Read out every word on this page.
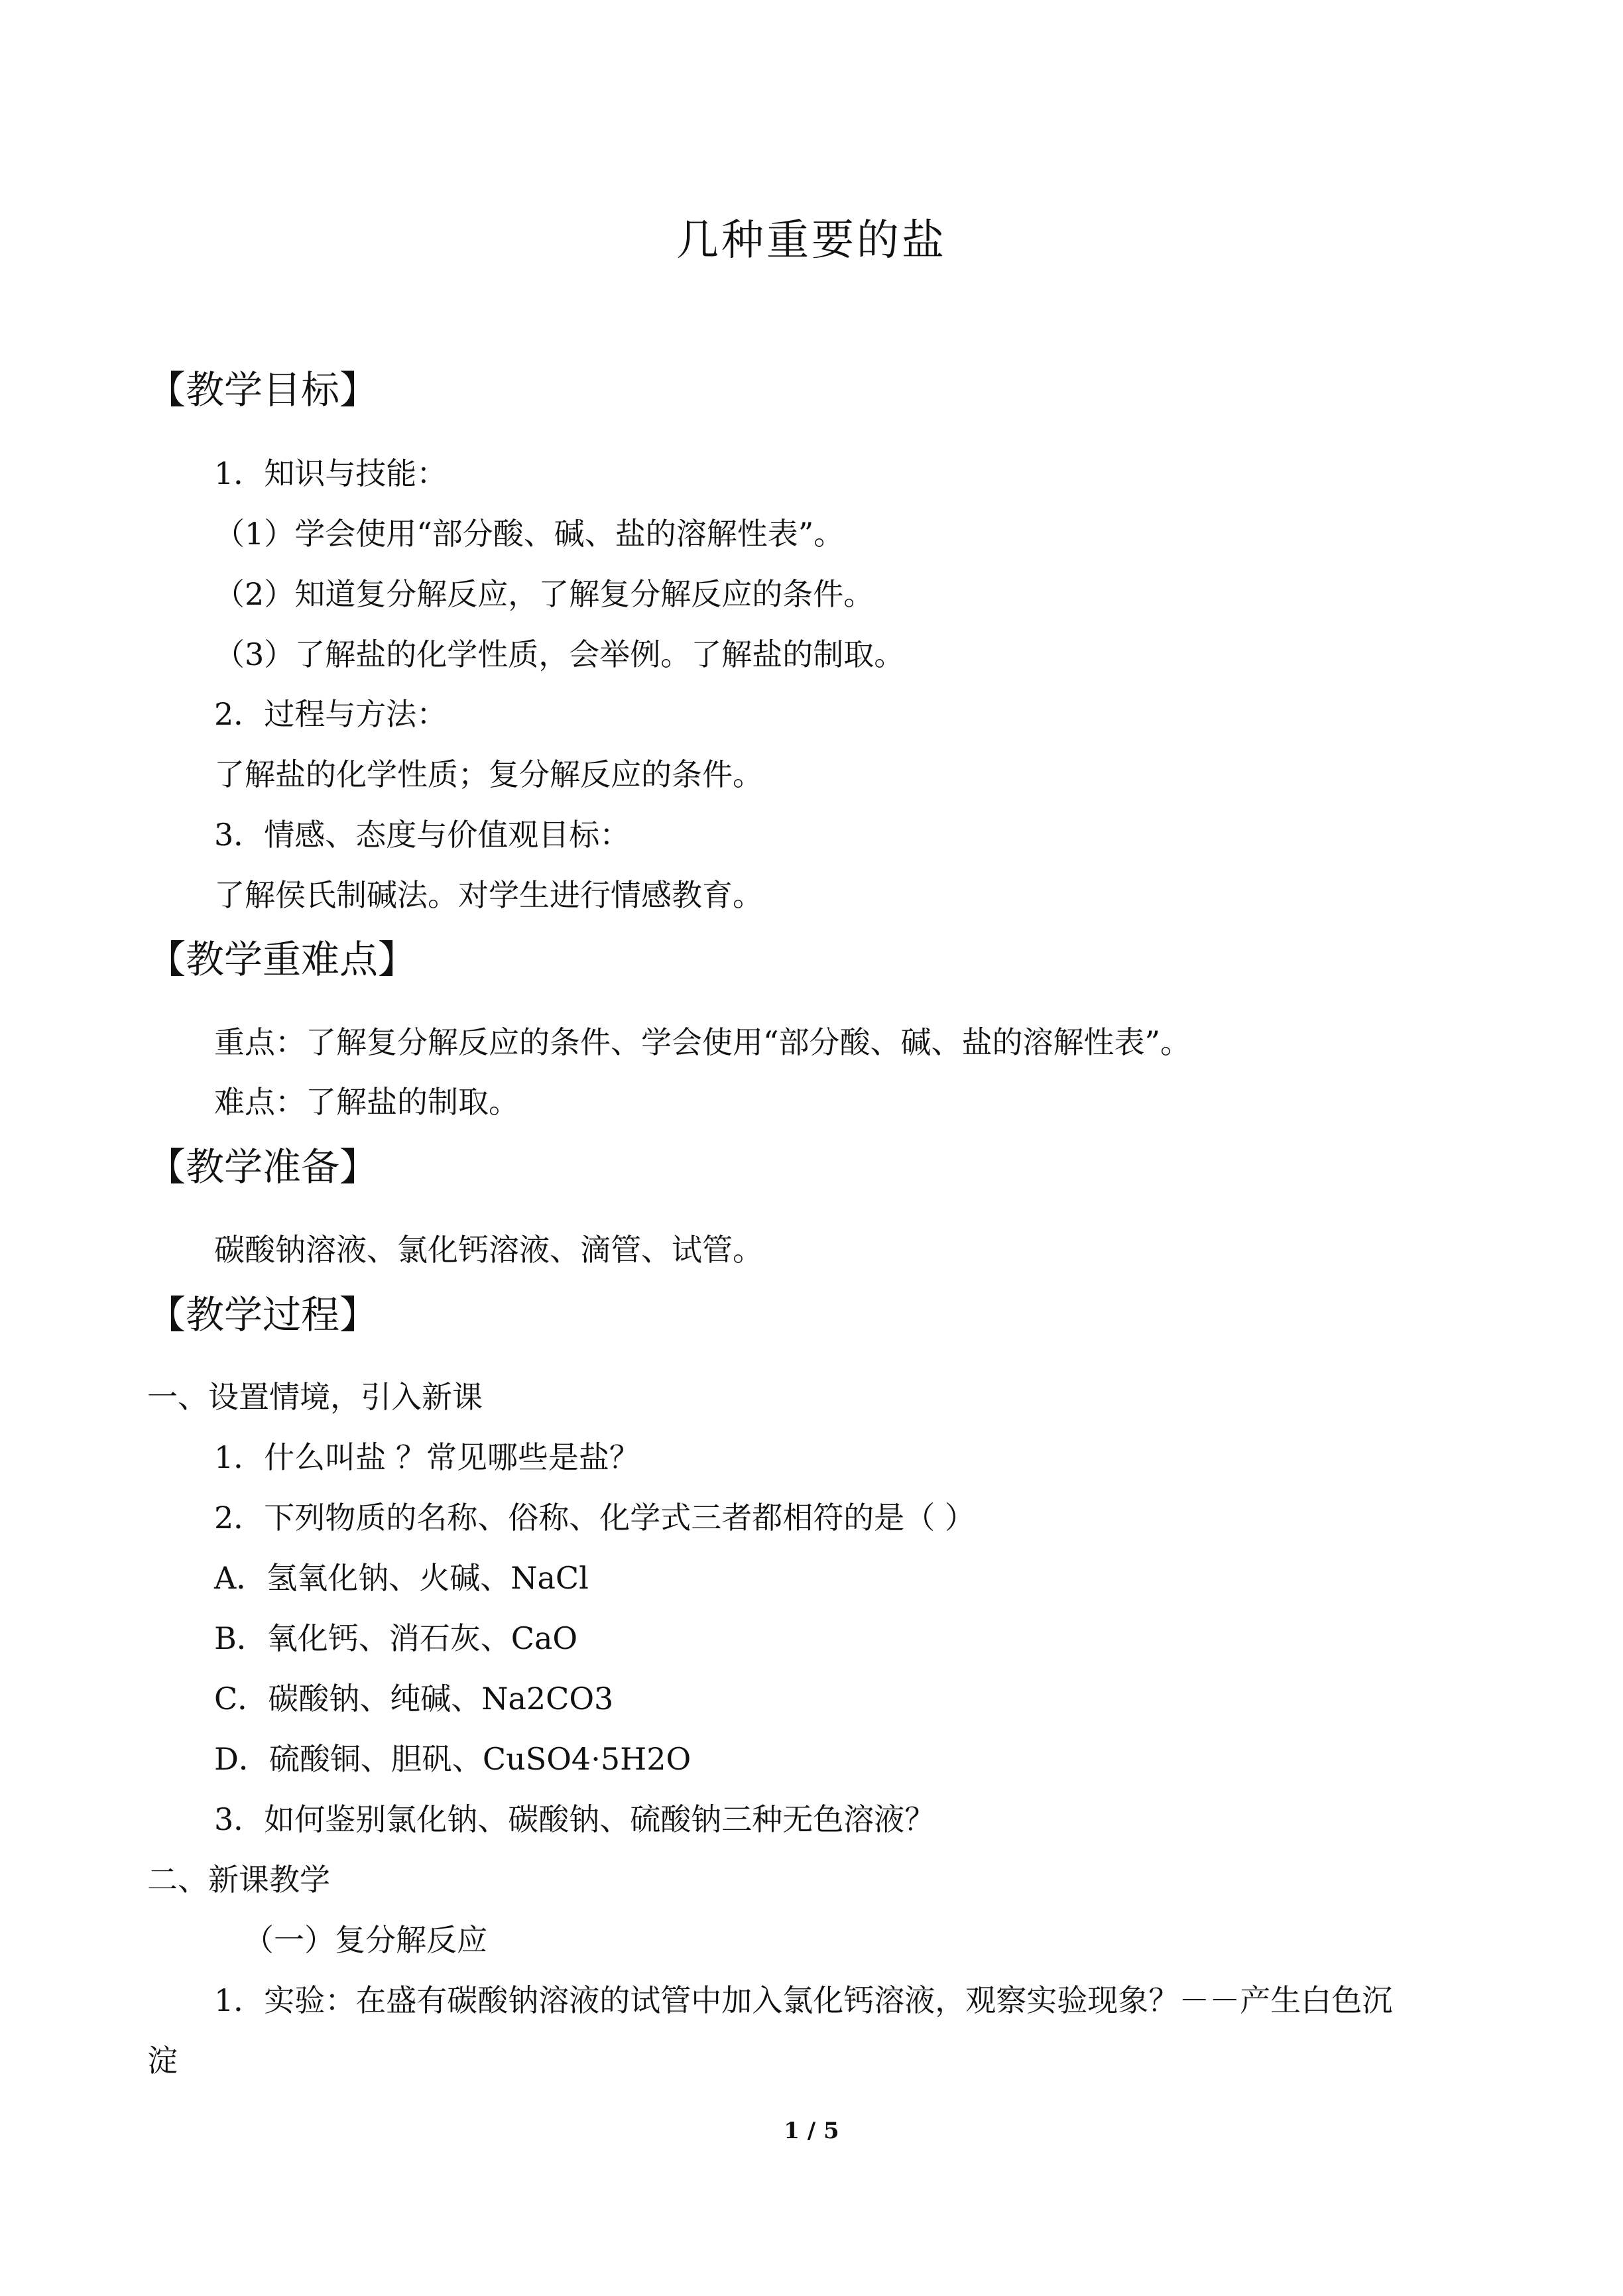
几种重要的盐
【教学目标】
1．知识与技能：
（1）学会使用“部分酸、碱、盐的溶解性表”。
（2）知道复分解反应，了解复分解反应的条件。
（3）了解盐的化学性质，会举例。了解盐的制取。
2．过程与方法：
了解盐的化学性质；复分解反应的条件。
3．情感、态度与价值观目标：
了解侯氏制碱法。对学生进行情感教育。
【教学重难点】
重点：了解复分解反应的条件、学会使用“部分酸、碱、盐的溶解性表”。
难点：了解盐的制取。
【教学准备】
碳酸钠溶液、氯化钙溶液、滴管、试管。
【教学过程】
一、设置情境，引入新课
1．什么叫盐 ？常见哪些是盐？
2．下列物质的名称、俗称、化学式三者都相符的是（ ）
A．氢氧化钠、火碱、NaCl
B．氧化钙、消石灰、CaO
C．碳酸钠、纯碱、Na2CO3
D．硫酸铜、胆矾、CuSO4·5H2O
3．如何鉴别氯化钠、碳酸钠、硫酸钠三种无色溶液？
二、新课教学
（一）复分解反应
1．实验：在盛有碳酸钠溶液的试管中加入氯化钙溶液，观察实验现象？－－产生白色沉
淀
1 / 5
